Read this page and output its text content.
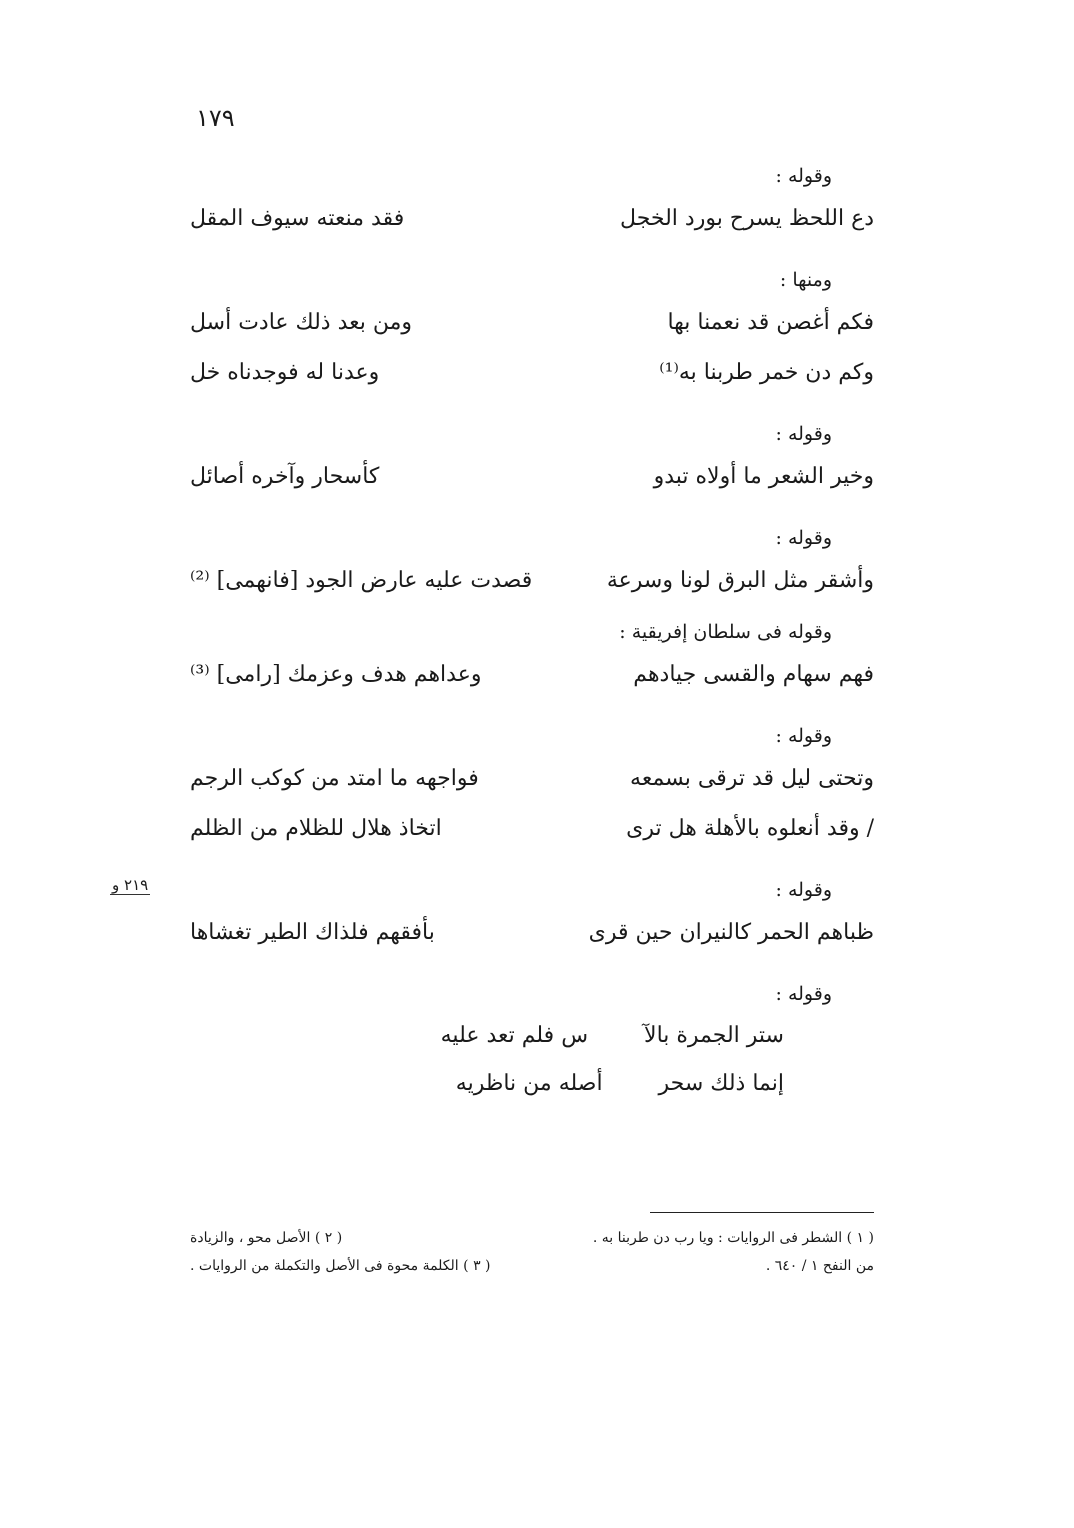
١٧٩
وقوله :
دع اللحظ يسرح بورد الخجل
فقد منعته سيوف المقل
ومنها :
فكم أغصن قد نعمنا بها
ومن بعد ذلك عادت أسل
وكم دن خمر طربنا به⁽¹⁾
وعدنا له فوجدناه خل
وقوله :
وخير الشعر ما أولاه تبدو
كأسحار وآخره أصائل
وقوله :
وأشقر مثل البرق لونا وسرعة
قصدت عليه عارض الجود [فانهمى] ⁽²⁾
وقوله فى سلطان إفريقية :
فهم سهام والقسى جيادهم
وعداهم هدف وعزمك [رامى] ⁽³⁾
وقوله :
وتحتى ليل قد ترقى بسمعه
فواجهه ما امتد من كوكب الرجم
/ وقد أنعلوه بالأهلة هل ترى
اتخاذ هلال للظلام من الظلم
وقوله :
ظباهم الحمر كالنيران حين قرى
بأفقهم فلذاك الطير تغشاها
وقوله :
ستر الجمرة بالآ        س فلم تعد عليه
إنما ذلك سحر        أصله من ناظريه
٢١٩ و
( ١ ) الشطر فى الروايات : ويا رب دن طربنا به .
( ٢ ) الأصل محو ، والزيادة
من النفح ١ / ٦٤٠ .
( ٣ ) الكلمة محوة فى الأصل والتكملة من الروايات .
